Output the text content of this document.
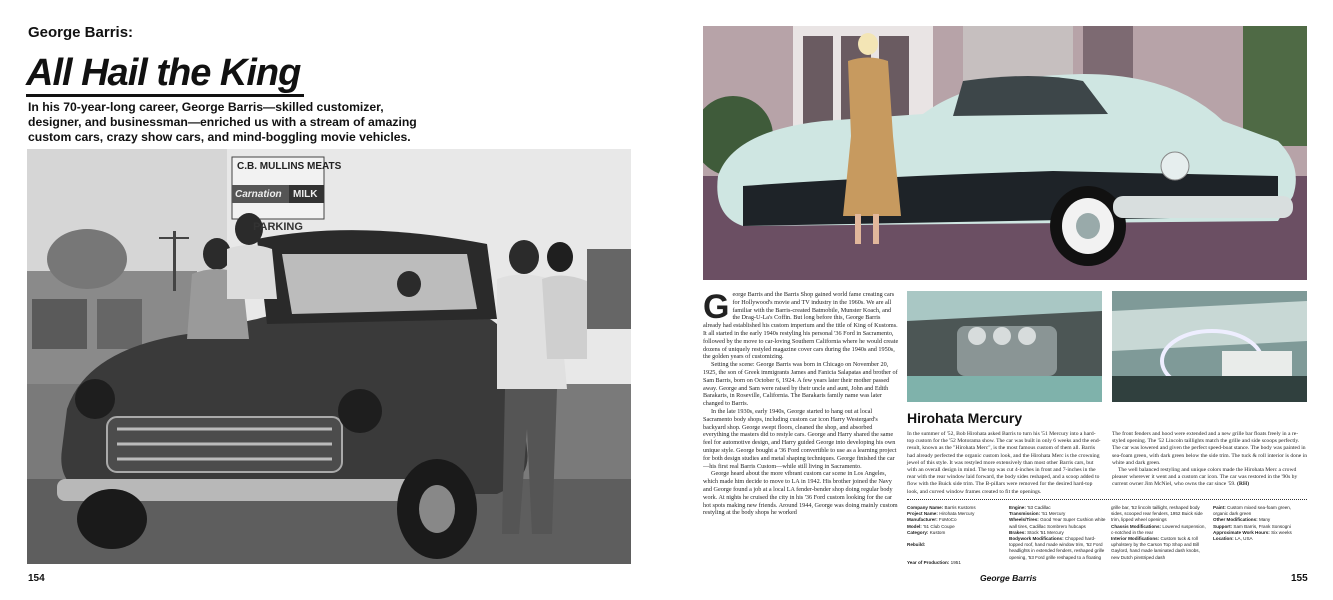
George Barris:
All Hail the King
In his 70-year-long career, George Barris—skilled customizer, designer, and businessman—enriched us with a stream of amazing custom cars, crazy show cars, and mind-boggling movie vehicles.
C.B. MULLINS MEATS
Carnation MILK
PARKING
154

George Barris and the Barris Shop gained world fame creating cars for Hollywood's movie and TV industry in the 1960s. We are all familiar with the Barris-created Batmobile, Munster Koach, and the Drag-U-La's Coffin. But long before this, George Barris already had established his custom imperium and the title of King of Kustoms. It all started in the early 1940s restyling his personal '36 Ford in Sacramento, followed by the move to car-loving Southern California where he would create dozens of uniquely restyled magazine cover cars during the 1940s and 1950s, the golden years of customizing.

Setting the scene: George Barris was born in Chicago on November 20, 1925, the son of Greek immigrants James and Fanicia Salapatas and brother of Sam Barris, born on October 6, 1924. A few years later their mother passed away. George and Sam were raised by their uncle and aunt, John and Edith Barakaris, in Roseville, California. The Barakaris family name was later changed to Barris.

In the late 1930s, early 1940s, George started to hang out at local Sacramento body shops, including custom car icon Harry Westergard's backyard shop. George swept floors, cleaned the shop, and absorbed everything the masters did to restyle cars. George and Harry shared the same feel for automotive design, and Harry guided George into developing his own unique style. George bought a '36 Ford convertible to use as a learning project for both design studies and metal shaping techniques. George finished the car—his first real Barris Custom—while still living in Sacramento.

George heard about the more vibrant custom car scene in Los Angeles, which made him decide to move to LA in 1942. His brother joined the Navy and George found a job at a local LA fender-bender shop doing regular body work. At nights he cruised the city in his '36 Ford custom looking for the car hot spots making new friends. Around 1944, George was doing mainly custom restyling at the body shops he worked

Hirohata Mercury
In the summer of '52, Bob Hirohata asked Barris to turn his '51 Mercury into a hard-top custom for the '52 Motorama show. The car was built in only 6 weeks and the end-result, known as the "Hirohata Merc", is the most famous custom of them all. Barris had already perfected the organic custom look, and the Hirohata Merc is the crowning jewel of this style. It was restyled more extensively than most other Barris cars, but with an overall design in mind. The top was cut 4-inches in front and 7-inches in the rear with the rear window laid forward, the body sides reshaped, and a scoop added to flow with the Buick side trim. The B-pillars were removed for the desired hard-top look, and curved window frames created to fit the openings.
The front fenders and hood were extended and a new grille bar floats freely in a re-styled opening. The '52 Lincoln taillights match the grille and side scoops perfectly. The car was lowered and given the perfect speed-boat stance. The body was painted in sea-foam green, with dark green below the side trim. The tuck & roll interior is done in white and dark green.
The well balanced restyling and unique colors made the Hirohata Merc a crowd pleaser wherever it went and a custom car icon. The car was restored in the '90s by current owner Jim McNiel, who owns the car since '59. (RH)
Company Name: Barris Kustoms
Project Name: Hirohata Mercury
Manufacturer: FoMoCo
Model: '51 Club Coupe
Category: Kustom
Rebuild:
Year of Production: 1951
Engine: '53 Cadillac
Transmission: '51 Mercury
Wheels/Tires: Good Year Super Cushion white wall tires, Cadillac Sombrero hubcaps
Brakes: Stock '51 Mercury
Bodywork Modifications: Chopped hard-topped roof, hand made window trim, '52 Ford headlights in extended fenders, reshaped grille opening, '53 Ford grille reshaped to a floating
grille bar, '52 lincoln taillight, reshaped body sides, scooped rear fenders, 1952 Buick side trim, lipped wheel openings
Chassis Modifications: Lowered suspension, c-notched in the rear
Interior Modifications: Custom tuck & roll upholstery by the Carson Top Shop and Bill Gaylord, hand made laminated dash knobs, new Dutch pinstriped dash
Paint: Custom mixed sea-foam green, organic dark green
Other Modifications: Many
Support: Sam Barris, Frank Sonsogni
Approximate Work Hours: Six weeks
Location: LA, USA
George Barris	155
